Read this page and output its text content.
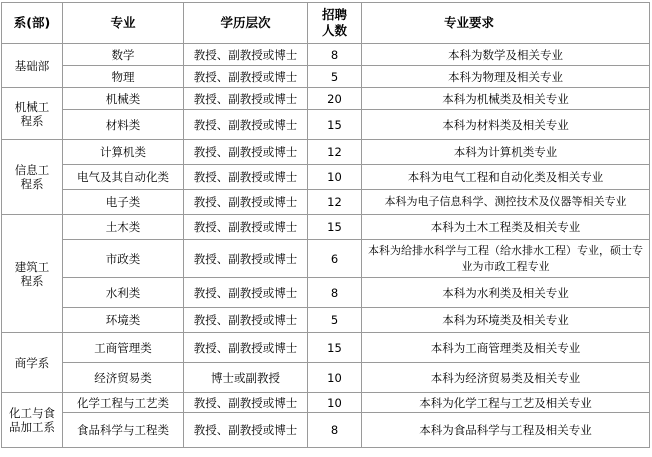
系(部)	专业	学历层次	招聘人数	专业要求
基础部	数学	教授、副教授或博士	8	本科为数学及相关专业
	物理	教授、副教授或博士	5	本科为物理及相关专业
机械工程系	机械类	教授、副教授或博士	20	本科为机械类及相关专业
	材料类	教授、副教授或博士	15	本科为材料类及相关专业
信息工程系	计算机类	教授、副教授或博士	12	本科为计算机类专业
	电气及其自动化类	教授、副教授或博士	10	本科为电气工程和自动化类及相关专业
	电子类	教授、副教授或博士	12	本科为电子信息科学、测控技术及仪器等相关专业
建筑工程系	土木类	教授、副教授或博士	15	本科为土木工程类及相关专业
	市政类	教授、副教授或博士	6	本科为给排水科学与工程（给水排水工程）专业，硕士专业为市政工程专业
	水利类	教授、副教授或博士	8	本科为水利类及相关专业
	环境类	教授、副教授或博士	5	本科为环境类及相关专业
商学系	工商管理类	教授、副教授或博士	15	本科为工商管理类及相关专业
	经济贸易类	博士或副教授	10	本科为经济贸易类及相关专业
化工与食品加工系	化学工程与工艺类	教授、副教授或博士	10	本科为化学工程与工艺及相关专业
	食品科学与工程类	教授、副教授或博士	8	本科为食品科学与工程及相关专业
